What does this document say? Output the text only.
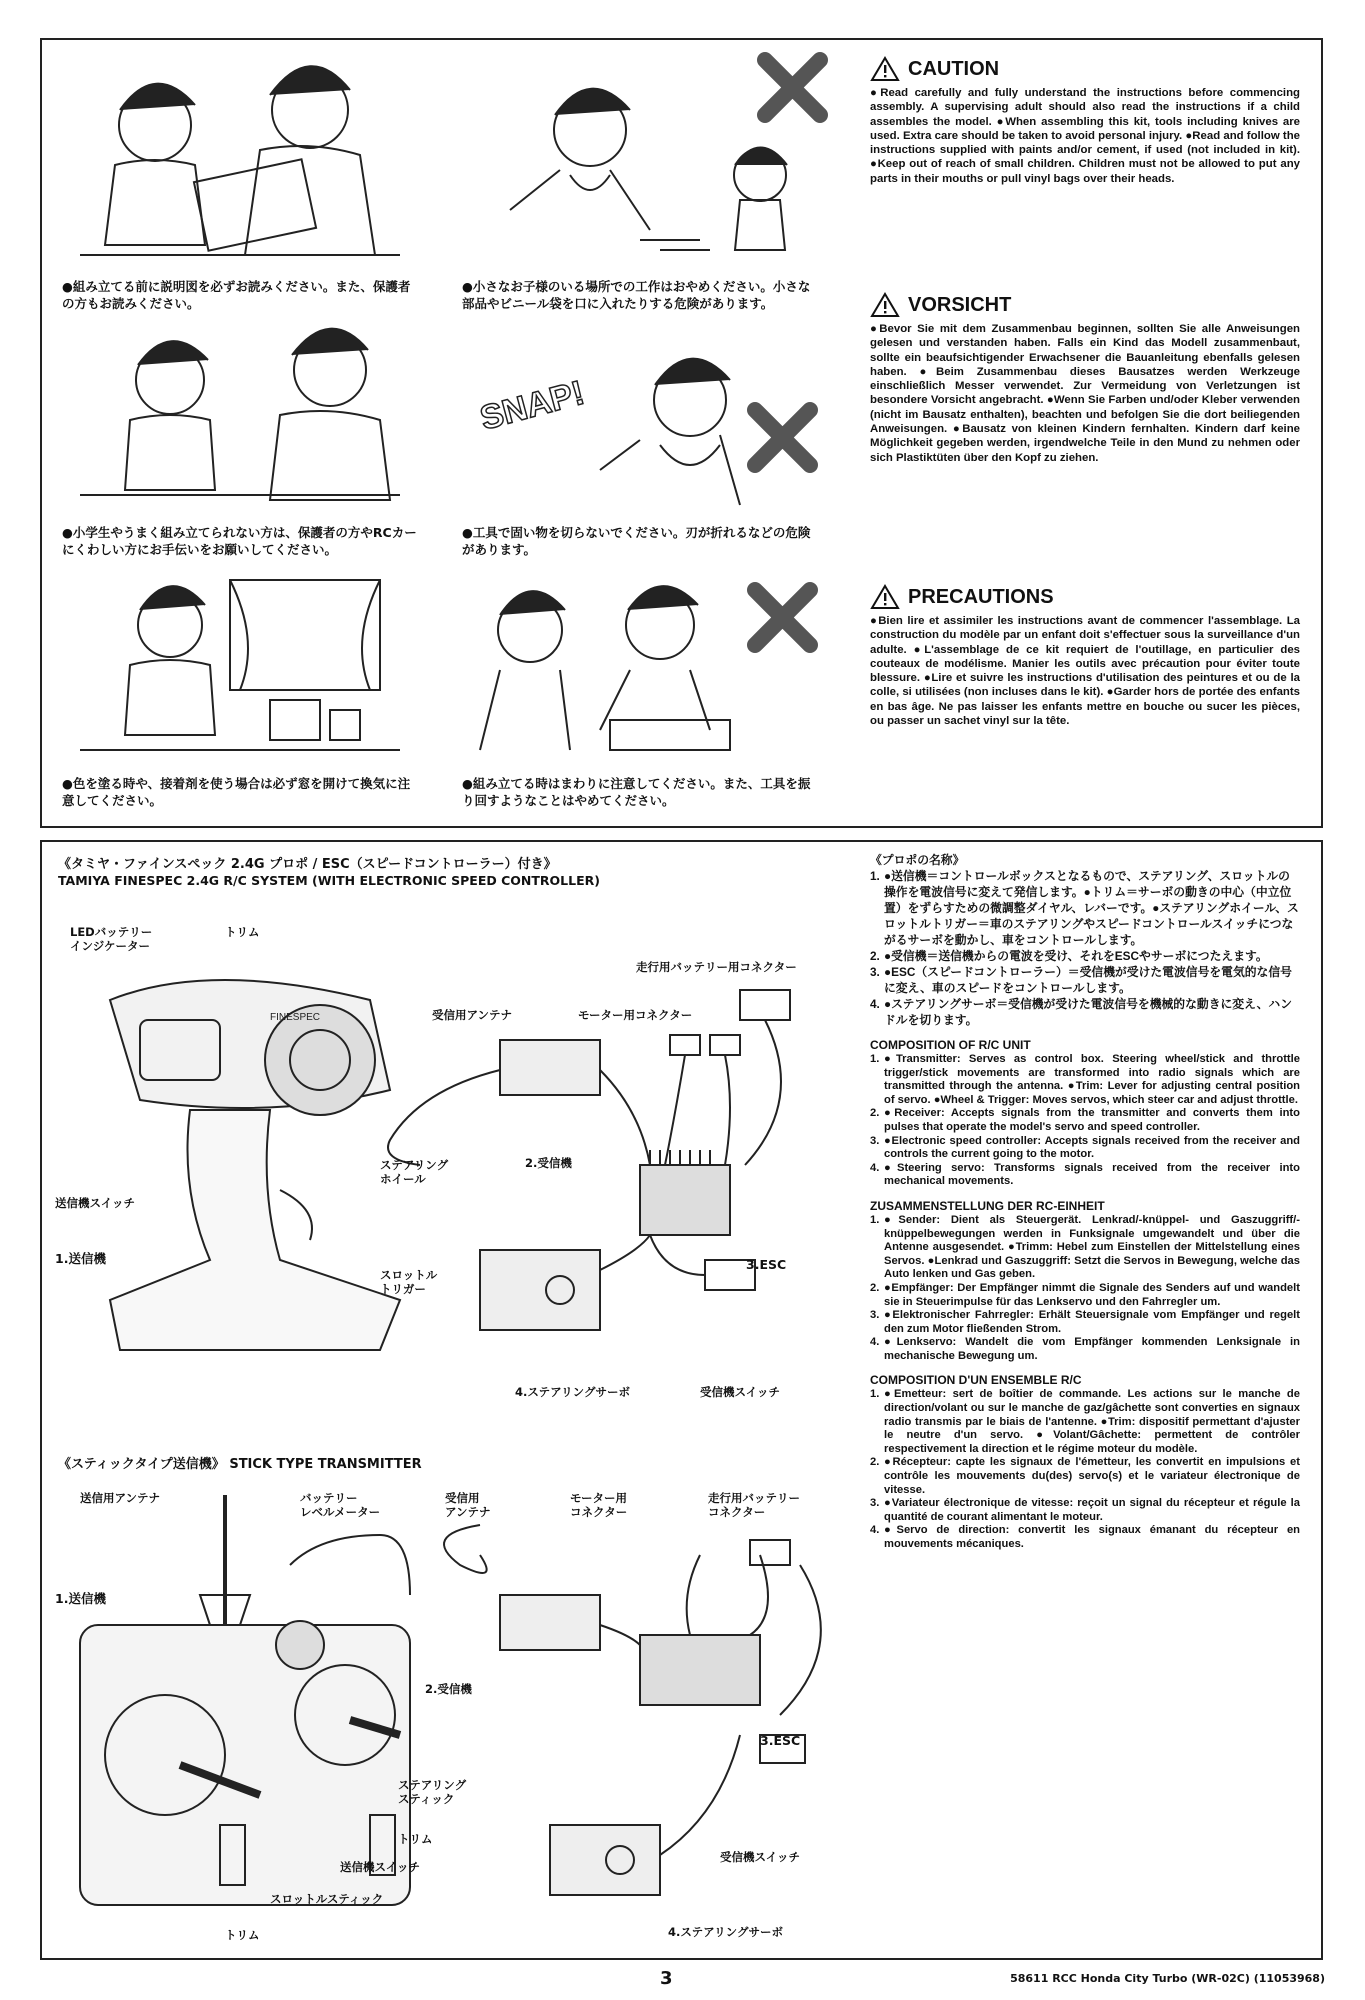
●組み立てる前に説明図を必ずお読みください。また、保護者の方もお読みください。
●小さなお子様のいる場所での工作はおやめください。小さな部品やビニール袋を口に入れたりする危険があります。
●小学生やうまく組み立てられない方は、保護者の方やRCカーにくわしい方にお手伝いをお願いしてください。
SNAP!
●工具で固い物を切らないでください。刃が折れるなどの危険があります。
●色を塗る時や、接着剤を使う場合は必ず窓を開けて換気に注意してください。
●組み立てる時はまわりに注意してください。また、工具を振り回すようなことはやめてください。
CAUTION

●Read carefully and fully understand the instructions before commencing assembly. A supervising adult should also read the instructions if a child assembles the model. ●When assembling this kit, tools including knives are used. Extra care should be taken to avoid personal injury. ●Read and follow the instructions supplied with paints and/or cement, if used (not included in kit). ●Keep out of reach of small children. Children must not be allowed to put any parts in their mouths or pull vinyl bags over their heads.

VORSICHT

●Bevor Sie mit dem Zusammenbau beginnen, sollten Sie alle Anweisungen gelesen und verstanden haben. Falls ein Kind das Modell zusammenbaut, sollte ein beaufsichtigender Erwachsener die Bauanleitung ebenfalls gelesen haben. ●Beim Zusammenbau dieses Bausatzes werden Werkzeuge einschließlich Messer verwendet. Zur Vermeidung von Verletzungen ist besondere Vorsicht angebracht. ●Wenn Sie Farben und/oder Kleber verwenden (nicht im Bausatz enthalten), beachten und befolgen Sie die dort beiliegenden Anweisungen. ●Bausatz von kleinen Kindern fernhalten. Kindern darf keine Möglichkeit gegeben werden, irgendwelche Teile in den Mund zu nehmen oder sich Plastiktüten über den Kopf zu ziehen.

PRECAUTIONS

●Bien lire et assimiler les instructions avant de commencer l'assemblage. La construction du modèle par un enfant doit s'effectuer sous la surveillance d'un adulte. ●L'assemblage de ce kit requiert de l'outillage, en particulier des couteaux de modélisme. Manier les outils avec précaution pour éviter toute blessure. ●Lire et suivre les instructions d'utilisation des peintures et ou de la colle, si utilisées (non incluses dans le kit). ●Garder hors de portée des enfants en bas âge. Ne pas laisser les enfants mettre en bouche ou sucer les pièces, ou passer un sachet vinyl sur la tête.

《タミヤ・ファインスペック 2.4G プロポ / ESC（スピードコントローラー）付き》
TAMIYA FINESPEC 2.4G R/C SYSTEM (WITH ELECTRONIC SPEED CONTROLLER)
FINESPEC
LEDバッテリー
インジケーター
トリム
走行用バッテリー用コネクター
受信用アンテナ	モーター用コネクター
ステアリング
ホイール
2.受信機
送信機スイッチ
1.送信機
スロットル
トリガー
3.ESC
4.ステアリングサーボ	受信機スイッチ
《スティックタイプ送信機》 STICK TYPE TRANSMITTER
送信用アンテナ	バッテリー
レベルメーター
受信用
アンテナ
モーター用
コネクター
走行用バッテリー
コネクター
1.送信機
2.受信機
3.ESC
ステアリング
スティック
トリム
送信機スイッチ
受信機スイッチ
スロットルスティック
トリム	4.ステアリングサーボ

《プロポの名称》

1. ●送信機＝コントロールボックスとなるもので、ステアリング、スロットルの操作を電波信号に変えて発信します。●トリム＝サーボの動きの中心（中立位置）をずらすための微調整ダイヤル、レバーです。●ステアリングホイール、スロットルトリガー＝車のステアリングやスピードコントロールスイッチにつながるサーボを動かし、車をコントロールします。
2. ●受信機＝送信機からの電波を受け、それをESCやサーボにつたえます。
3. ●ESC（スピードコントローラー）＝受信機が受けた電波信号を電気的な信号に変え、車のスピードをコントロールします。
4. ●ステアリングサーボ＝受信機が受けた電波信号を機械的な動きに変え、ハンドルを切ります。
COMPOSITION OF R/C UNIT
1. ●Transmitter: Serves as control box. Steering wheel/stick and throttle trigger/stick movements are transformed into radio signals which are transmitted through the antenna. ●Trim: Lever for adjusting central position of servo. ●Wheel & Trigger: Moves servos, which steer car and adjust throttle.
2. ●Receiver: Accepts signals from the transmitter and converts them into pulses that operate the model's servo and speed controller.
3. ●Electronic speed controller: Accepts signals received from the receiver and controls the current going to the motor.
4. ●Steering servo: Transforms signals received from the receiver into mechanical movements.
ZUSAMMENSTELLUNG DER RC-EINHEIT
1. ●Sender: Dient als Steuergerät. Lenkrad/-knüppel- und Gaszuggriff/- knüppelbewegungen werden in Funksignale umgewandelt und über die Antenne ausgesendet. ●Trimm: Hebel zum Einstellen der Mittelstellung eines Servos. ●Lenkrad und Gaszuggriff: Setzt die Servos in Bewegung, welche das Auto lenken und Gas geben.
2. ●Empfänger: Der Empfänger nimmt die Signale des Senders auf und wandelt sie in Steuerimpulse für das Lenkservo und den Fahrregler um.
3. ●Elektronischer Fahrregler: Erhält Steuersignale vom Empfänger und regelt den zum Motor fließenden Strom.
4. ●Lenkservo: Wandelt die vom Empfänger kommenden Lenksignale in mechanische Bewegung um.
COMPOSITION D'UN ENSEMBLE R/C
1. ●Emetteur: sert de boîtier de commande. Les actions sur le manche de direction/volant ou sur le manche de gaz/gâchette sont converties en signaux radio transmis par le biais de l'antenne. ●Trim: dispositif permettant d'ajuster le neutre d'un servo. ●Volant/Gâchette: permettent de contrôler respectivement la direction et le régime moteur du modèle.
2. ●Récepteur: capte les signaux de l'émetteur, les convertit en impulsions et contrôle les mouvements du(des) servo(s) et le variateur électronique de vitesse.
3. ●Variateur électronique de vitesse: reçoit un signal du récepteur et régule la quantité de courant alimentant le moteur.
4. ●Servo de direction: convertit les signaux émanant du récepteur en mouvements mécaniques.
3	58611 RCC Honda City Turbo (WR-02C) (11053968)
